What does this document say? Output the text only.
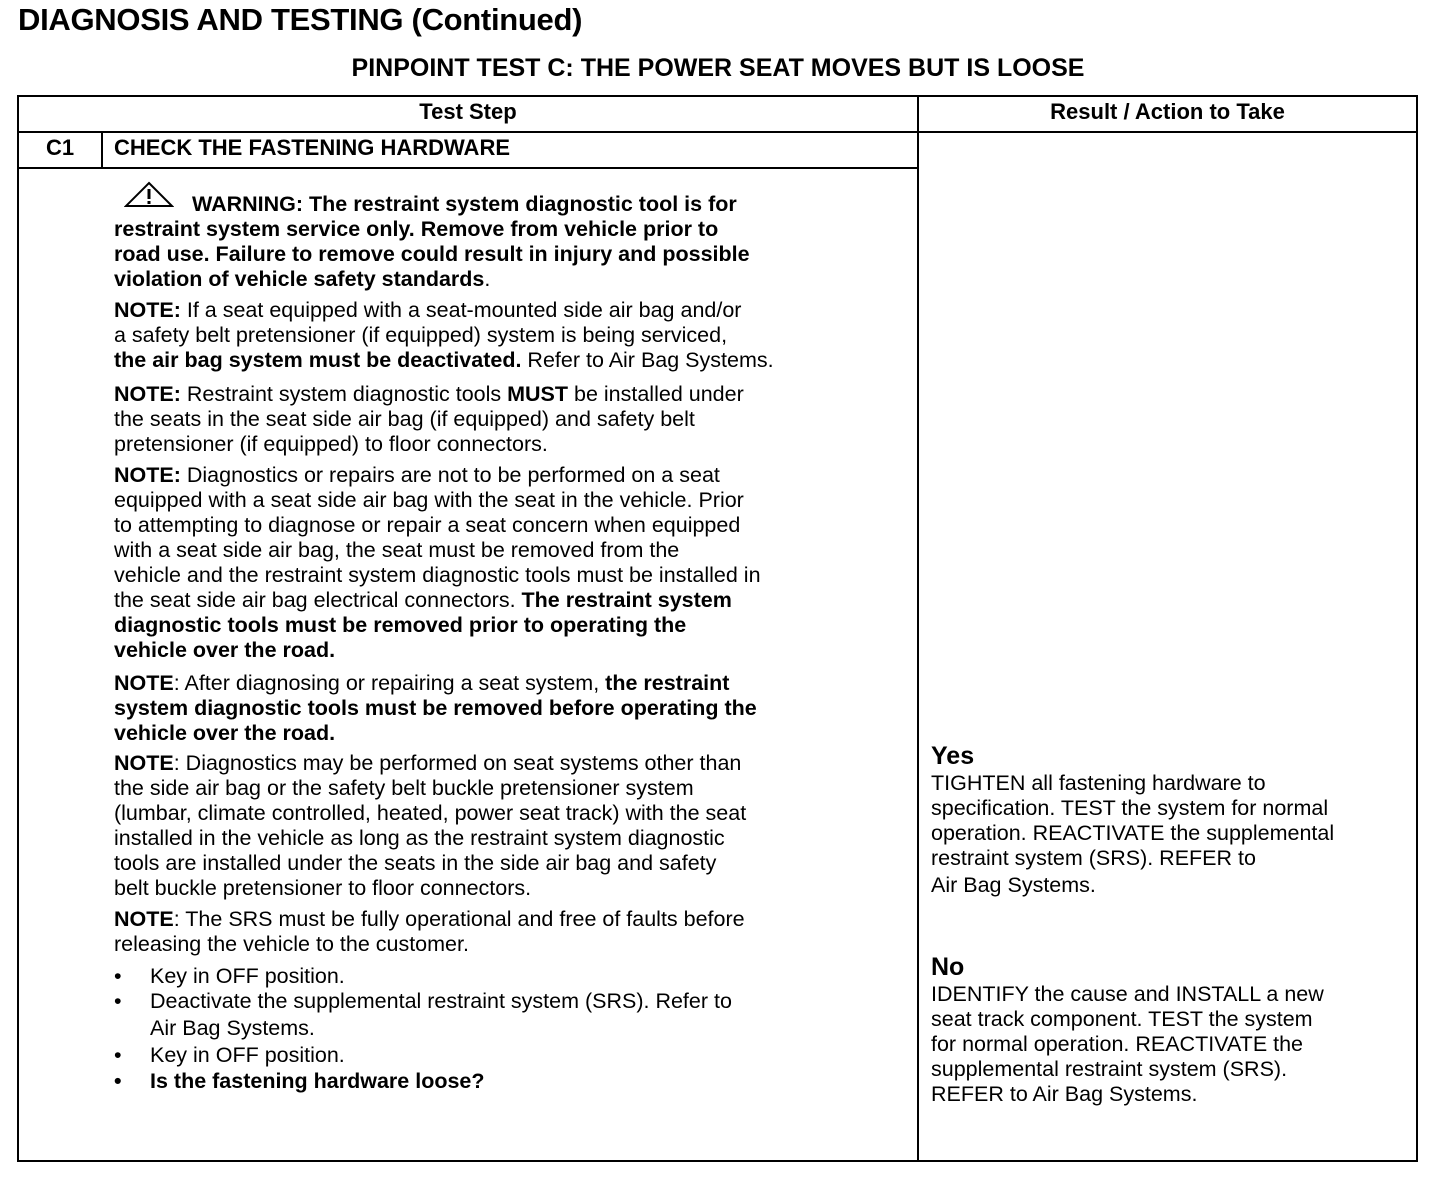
DIAGNOSIS AND TESTING (Continued)
PINPOINT TEST C: THE POWER SEAT MOVES BUT IS LOOSE
Test Step	Result / Action to Take
C1	CHECK THE FASTENING HARDWARE
WARNING: The restraint system diagnostic tool is for
restraint system service only. Remove from vehicle prior to
road use. Failure to remove could result in injury and possible
violation of vehicle safety standards.
NOTE: If a seat equipped with a seat-mounted side air bag and/or
a safety belt pretensioner (if equipped) system is being serviced,
the air bag system must be deactivated. Refer to Air Bag Systems.
NOTE: Restraint system diagnostic tools MUST be installed under
the seats in the seat side air bag (if equipped) and safety belt
pretensioner (if equipped) to floor connectors.
NOTE: Diagnostics or repairs are not to be performed on a seat
equipped with a seat side air bag with the seat in the vehicle. Prior
to attempting to diagnose or repair a seat concern when equipped
with a seat side air bag, the seat must be removed from the
vehicle and the restraint system diagnostic tools must be installed in
the seat side air bag electrical connectors. The restraint system
diagnostic tools must be removed prior to operating the
vehicle over the road.
NOTE: After diagnosing or repairing a seat system, the restraint
system diagnostic tools must be removed before operating the
vehicle over the road.
NOTE: Diagnostics may be performed on seat systems other than
the side air bag or the safety belt buckle pretensioner system
(lumbar, climate controlled, heated, power seat track) with the seat
installed in the vehicle as long as the restraint system diagnostic
tools are installed under the seats in the side air bag and safety
belt buckle pretensioner to floor connectors.
NOTE: The SRS must be fully operational and free of faults before
releasing the vehicle to the customer.
• Key in OFF position.
• Deactivate the supplemental restraint system (SRS). Refer to
Air Bag Systems.
• Key in OFF position.
• Is the fastening hardware loose?
Yes
TIGHTEN all fastening hardware to
specification. TEST the system for normal
operation. REACTIVATE the supplemental
restraint system (SRS). REFER to
Air Bag Systems.
No
IDENTIFY the cause and INSTALL a new
seat track component. TEST the system
for normal operation. REACTIVATE the
supplemental restraint system (SRS).
REFER to Air Bag Systems.
